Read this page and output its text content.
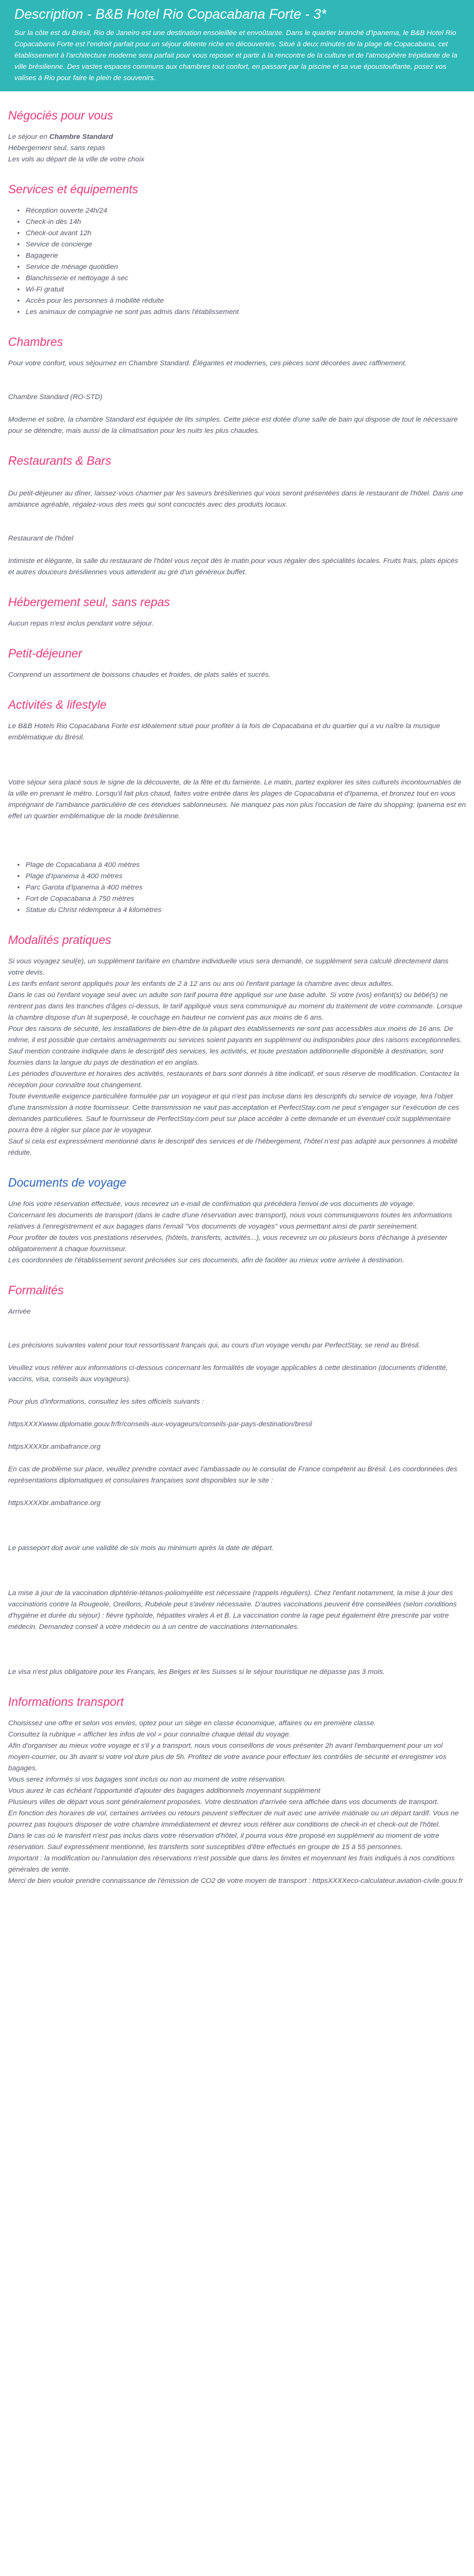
Description - B&B Hotel Rio Copacabana Forte - 3*

Sur la côte est du Brésil, Rio de Janeiro est une destination ensoleillée et envoûtante. Dans le quartier branché d'Ipanema, le B&B Hotel Rio Copacabana Forte est l'endroit parfait pour un séjour détente riche en découvertes. Situé à deux minutes de la plage de Copacabana, cet établissement à l'architecture moderne sera parfait pour vous reposer et partir à la rencontre de la culture et de l'atmosphère trépidante de la ville brésilienne. Des vastes espaces communs aux chambres tout confort, en passant par la piscine et sa vue époustouflante, posez vos valises à Rio pour faire le plein de souvenirs.

Négociés pour vous

Le séjour en Chambre Standard

Hébergement seul, sans repas

Les vols au départ de la ville de votre choix

Services et équipements
• Réception ouverte 24h/24
• Check-in dès 14h
• Check-out avant 12h
• Service de concierge
• Bagagerie
• Service de ménage quotidien
• Blanchisserie et nettoyage à sec
• Wi-Fi gratuit
• Accès pour les personnes à mobilité réduite
• Les animaux de compagnie ne sont pas admis dans l'établissement
Chambres

Pour votre confort, vous séjournez en Chambre Standard. Élégantes et modernes, ces pièces sont décorées avec raffinement.

Chambre Standard (RO-STD)

Moderne et sobre, la chambre Standard est équipée de lits simples. Cette pièce est dotée d'une salle de bain qui dispose de tout le nécessaire pour se détendre, mais aussi de la climatisation pour les nuits les plus chaudes.

Restaurants & Bars

Du petit-déjeuner au dîner, laissez-vous charmer par les saveurs brésiliennes qui vous seront présentées dans le restaurant de l'hôtel. Dans une ambiance agréable, régalez-vous des mets qui sont concoctés avec des produits locaux.

Restaurant de l'hôtel

Intimiste et élégante, la salle du restaurant de l'hôtel vous reçoit dès le matin pour vous régaler des spécialités locales. Fruits frais, plats épicés et autres douceurs brésiliennes vous attendent au gré d'un généreux buffet.

Hébergement seul, sans repas

Aucun repas n'est inclus pendant votre séjour.

Petit-déjeuner

Comprend un assortiment de boissons chaudes et froides, de plats salés et sucrés.

Activités & lifestyle

Le B&B Hotels Rio Copacabana Forte est idéalement situé pour profiter à la fois de Copacabana et du quartier qui a vu naître la musique emblématique du Brésil.

Votre séjour sera placé sous le signe de la découverte, de la fête et du farniente. Le matin, partez explorer les sites culturels incontournables de la ville en prenant le métro. Lorsqu'il fait plus chaud, faites votre entrée dans les plages de Copacabana et d'Ipanema, et bronzez tout en vous imprégnant de l'ambiance particulière de ces étendues sablonneuses. Ne manquez pas non plus l'occasion de faire du shopping; Ipanema est en effet un quartier emblématique de la mode brésilienne.

• Plage de Copacabana à 400 mètres
• Plage d'Ipanema à 400 mètres
• Parc Garota d'Ipanema à 400 mètres
• Fort de Copacabana à 750 mètres
• Statue du Christ rédempteur à 4 kilomètres
Modalités pratiques

Si vous voyagez seul(e), un supplément tarifaire en chambre individuelle vous sera demandé, ce supplément sera calculé directement dans votre devis.

Les tarifs enfant seront appliqués pour les enfants de 2 à 12 ans ou ans où l'enfant partage la chambre avec deux adultes.

Dans le cas où l'enfant voyage seul avec un adulte son tarif pourra être appliqué sur une base adulte. Si votre (vos) enfant(s) ou bébé(s) ne rentrent pas dans les tranches d'âges ci-dessus, le tarif appliqué vous sera communiqué au moment du traitement de votre commande. Lorsque la chambre dispose d'un lit superposé, le couchage en hauteur ne convient pas aux moins de 6 ans.

Pour des raisons de sécurité, les installations de bien-être de la plupart des établissements ne sont pas accessibles aux moins de 16 ans. De même, il est possible que certains aménagements ou services soient payants en supplément ou indisponibles pour des raisons exceptionnelles.

Sauf mention contraire indiquée dans le descriptif des services, les activités, et toute prestation additionnelle disponible à destination, sont fournies dans la langue du pays de destination et en anglais.

Les périodes d'ouverture et horaires des activités, restaurants et bars sont donnés à titre indicatif, et sous réserve de modification. Contactez la réception pour connaître tout changement.

Toute éventuelle exigence particulière formulée par un voyageur et qui n'est pas incluse dans les descriptifs du service de voyage, fera l'objet d'une transmission à notre fournisseur. Cette transmission ne vaut pas acceptation et PerfectStay.com ne peut s'engager sur l'exécution de ces demandes particulières. Sauf le fournisseur de PerfectStay.com peut sur place accéder à cette demande et un éventuel coût supplémentaire pourra être à régler sur place par le voyageur.

Sauf si cela est expressément mentionné dans le descriptif des services et de l'hébergement, l'hôtel n'est pas adapté aux personnes à mobilité réduite.

Documents de voyage

Une fois votre réservation effectuée, vous recevrez un e-mail de confirmation qui précèdera l'envoi de vos documents de voyage.

Concernant les documents de transport (dans le cadre d'une réservation avec transport), nous vous communiquerons toutes les informations relatives à l'enregistrement et aux bagages dans l'email "Vos documents de voyages" vous permettant ainsi de partir sereinement.

Pour profiter de toutes vos prestations réservées, (hôtels, transferts, activités...), vous recevrez un ou plusieurs bons d'échange à présenter obligatoirement à chaque fournisseur.

Les coordonnées de l'établissement seront précisées sur ces documents, afin de faciliter au mieux votre arrivée à destination.

Formalités

Arrivée

Les précisions suivantes valent pour tout ressortissant français qui, au cours d'un voyage vendu par PerfectStay, se rend au Brésil.

Veuillez vous référer aux informations ci-dessous concernant les formalités de voyage applicables à cette destination (documents d'identité, vaccins, visa, conseils aux voyageurs).

Pour plus d'informations, consultez les sites officiels suivants :

httpsXXXXwww.diplomatie.gouv.fr/fr/conseils-aux-voyageurs/conseils-par-pays-destination/bresil

httpsXXXXbr.ambafrance.org

En cas de problème sur place, veuillez prendre contact avec l'ambassade ou le consulat de France compétent au Brésil. Les coordonnées des représentations diplomatiques et consulaires françaises sont disponibles sur le site :

httpsXXXXbr.ambafrance.org

Le passeport doit avoir une validité de six mois au minimum après la date de départ.

La mise à jour de la vaccination diphtérie-tétanos-poliomyélite est nécessaire (rappels réguliers). Chez l'enfant notamment, la mise à jour des vaccinations contre la Rougeole, Oreillons, Rubéole peut s'avérer nécessaire. D'autres vaccinations peuvent être conseillées (selon conditions d'hygiène et durée du séjour) : fièvre typhoïde, hépatites virales A et B. La vaccination contre la rage peut également être prescrite par votre médecin. Demandez conseil à votre médecin ou à un centre de vaccinations internationales.

Le visa n'est plus obligatoire pour les Français, les Belges et les Suisses si le séjour touristique ne dépasse pas 3 mois.

Informations transport

Choisissez une offre et selon vos envies, optez pour un siège en classe économique, affaires ou en première classe.

Consultez la rubrique « afficher les infos de vol » pour connaître chaque détail du voyage.

Afin d'organiser au mieux votre voyage et s'il y a transport, nous vous conseillons de vous présenter 2h avant l'embarquement pour un vol moyen-courrier, ou 3h avant si votre vol dure plus de 5h. Profitez de votre avance pour effectuer les contrôles de sécurité et enregistrer vos bagages.

Vous serez informés si vos bagages sont inclus ou non au moment de votre réservation.

Vous aurez le cas échéant l'opportunité d'ajouter des bagages additionnels moyennant supplément

Plusieurs villes de départ vous sont généralement proposées. Votre destination d'arrivée sera affichée dans vos documents de transport.

En fonction des horaires de vol, certaines arrivées ou retours peuvent s'effectuer de nuit avec une arrivée matinale ou un départ tardif. Vous ne pourrez pas toujours disposer de votre chambre immédiatement et devrez vous référer aux conditions de check-in et check-out de l'hôtel.

Dans le cas où le transfert n'est pas inclus dans votre réservation d'hôtel, il pourra vous être proposé en supplément au moment de votre réservation. Sauf expressément mentionné, les transferts sont susceptibles d'être effectués en groupe de 15 à 55 personnes.

Important : la modification ou l'annulation des réservations n'est possible que dans les limites et moyennant les frais indiqués à nos conditions générales de vente.

Merci de bien vouloir prendre connaissance de l'émission de CO2 de votre moyen de transport : httpsXXXXeco-calculateur.aviation-civile.gouv.fr
